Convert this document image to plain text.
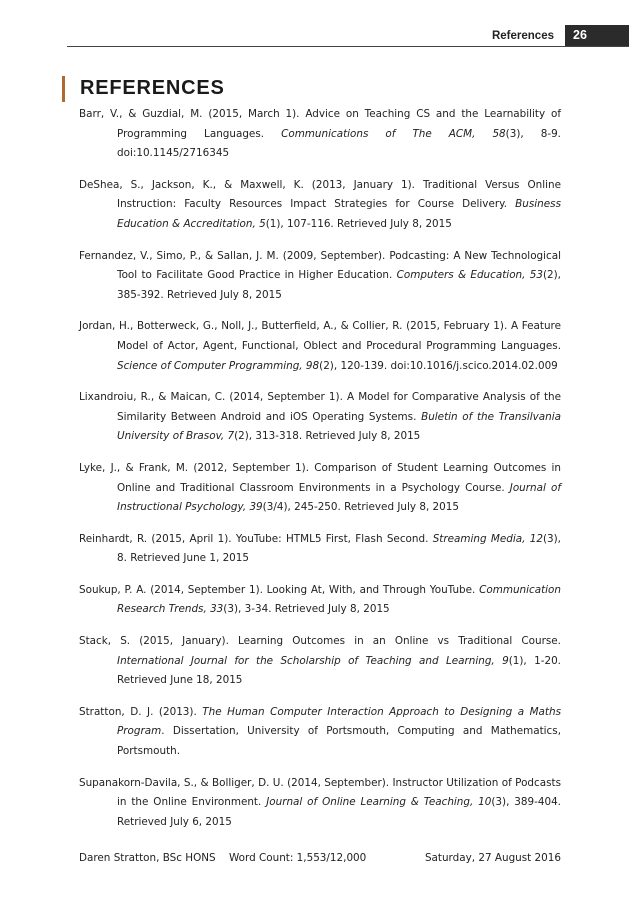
References 26
REFERENCES

Barr, V., & Guzdial, M. (2015, March 1). Advice on Teaching CS and the Learnability of Programming Languages. Communications of The ACM, 58(3), 8-9. doi:10.1145/2716345

DeShea, S., Jackson, K., & Maxwell, K. (2013, January 1). Traditional Versus Online Instruction: Faculty Resources Impact Strategies for Course Delivery. Business Education & Accreditation, 5(1), 107-116. Retrieved July 8, 2015

Fernandez, V., Simo, P., & Sallan, J. M. (2009, September). Podcasting: A New Technological Tool to Facilitate Good Practice in Higher Education. Computers & Education, 53(2), 385-392. Retrieved July 8, 2015

Jordan, H., Botterweck, G., Noll, J., Butterfield, A., & Collier, R. (2015, February 1). A Feature Model of Actor, Agent, Functional, Oblect and Procedural Programming Languages. Science of Computer Programming, 98(2), 120-139. doi:10.1016/j.scico.2014.02.009

Lixandroiu, R., & Maican, C. (2014, September 1). A Model for Comparative Analysis of the Similarity Between Android and iOS Operating Systems. Buletin of the Transilvania University of Brasov, 7(2), 313-318. Retrieved July 8, 2015

Lyke, J., & Frank, M. (2012, September 1). Comparison of Student Learning Outcomes in Online and Traditional Classroom Environments in a Psychology Course. Journal of Instructional Psychology, 39(3/4), 245-250. Retrieved July 8, 2015

Reinhardt, R. (2015, April 1). YouTube: HTML5 First, Flash Second. Streaming Media, 12(3), 8. Retrieved June 1, 2015

Soukup, P. A. (2014, September 1). Looking At, With, and Through YouTube. Communication Research Trends, 33(3), 3-34. Retrieved July 8, 2015

Stack, S. (2015, January). Learning Outcomes in an Online vs Traditional Course. International Journal for the Scholarship of Teaching and Learning, 9(1), 1-20. Retrieved June 18, 2015

Stratton, D. J. (2013). The Human Computer Interaction Approach to Designing a Maths Program. Dissertation, University of Portsmouth, Computing and Mathematics, Portsmouth.

Supanakorn-Davila, S., & Bolliger, D. U. (2014, September). Instructor Utilization of Podcasts in the Online Environment. Journal of Online Learning & Teaching, 10(3), 389-404. Retrieved July 6, 2015

Daren Stratton, BSc HONS Word Count: 1,553/12,000	Saturday, 27 August 2016
